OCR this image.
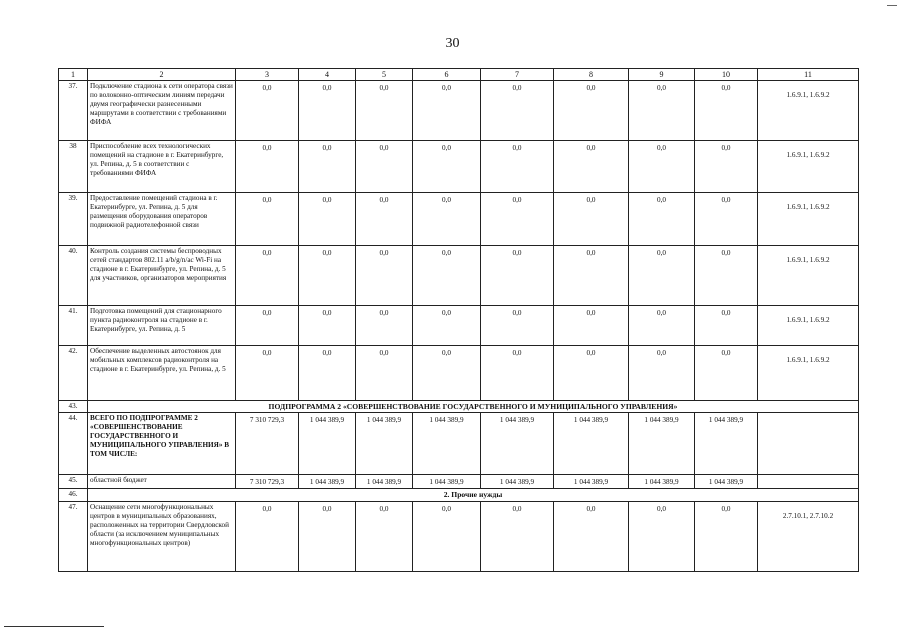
30
1	2	3	4	5	6	7	8	9	10	11
37.	Подключение стадиона к сети оператора связи по волоконно-оптическим линиям передачи двумя географически разнесенными маршрутами в соответствии с требованиями ФИФА	0,0	0,0	0,0	0,0	0,0	0,0	0,0	0,0	1.6.9.1, 1.6.9.2
38	Приспособление всех технологических помещений на стадионе в г. Екатеринбурге, ул. Репина, д. 5 в соответствии с требованиями ФИФА	0,0	0,0	0,0	0,0	0,0	0,0	0,0	0,0	1.6.9.1, 1.6.9.2
39.	Предоставление помещений стадиона в г. Екатеринбурге, ул. Репина, д. 5 для размещения оборудования операторов подвижной радиотелефонной связи	0,0	0,0	0,0	0,0	0,0	0,0	0,0	0,0	1.6.9.1, 1.6.9.2
40.	Контроль создания системы беспроводных сетей стандартов 802.11 a/b/g/n/ac Wi-Fi на стадионе в г. Екатеринбурге, ул. Репина, д. 5 для участников, организаторов мероприятия	0,0	0,0	0,0	0,0	0,0	0,0	0,0	0,0	1.6.9.1, 1.6.9.2
41.	Подготовка помещений для стационарного пункта радиоконтроля на стадионе в г. Екатеринбурге, ул. Репина, д. 5	0,0	0,0	0,0	0,0	0,0	0,0	0,0	0,0	1.6.9.1, 1.6.9.2
42.	Обеспечение выделенных автостоянок для мобильных комплексов радиоконтроля на стадионе в г. Екатеринбурге, ул. Репина, д. 5	0,0	0,0	0,0	0,0	0,0	0,0	0,0	0,0	1.6.9.1, 1.6.9.2
43.	ПОДПРОГРАММА 2 «СОВЕРШЕНСТВОВАНИЕ ГОСУДАРСТВЕННОГО И МУНИЦИПАЛЬНОГО УПРАВЛЕНИЯ»									
44.	ВСЕГО ПО ПОДПРОГРАММЕ 2 «СОВЕРШЕНСТВОВАНИЕ ГОСУДАРСТВЕННОГО И МУНИЦИПАЛЬНОГО УПРАВЛЕНИЯ» В ТОМ ЧИСЛЕ:	7 310 729,3	1 044 389,9	1 044 389,9	1 044 389,9	1 044 389,9	1 044 389,9	1 044 389,9	1 044 389,9	
45.	областной бюджет	7 310 729,3	1 044 389,9	1 044 389,9	1 044 389,9	1 044 389,9	1 044 389,9	1 044 389,9	1 044 389,9	
46.	2. Прочие нужды									
47.	Оснащение сети многофункциональных центров в муниципальных образованиях, расположенных на территории Свердловской области (за исключением муниципальных многофункциональных центров)	0,0	0,0	0,0	0,0	0,0	0,0	0,0	0,0	2.7.10.1, 2.7.10.2
